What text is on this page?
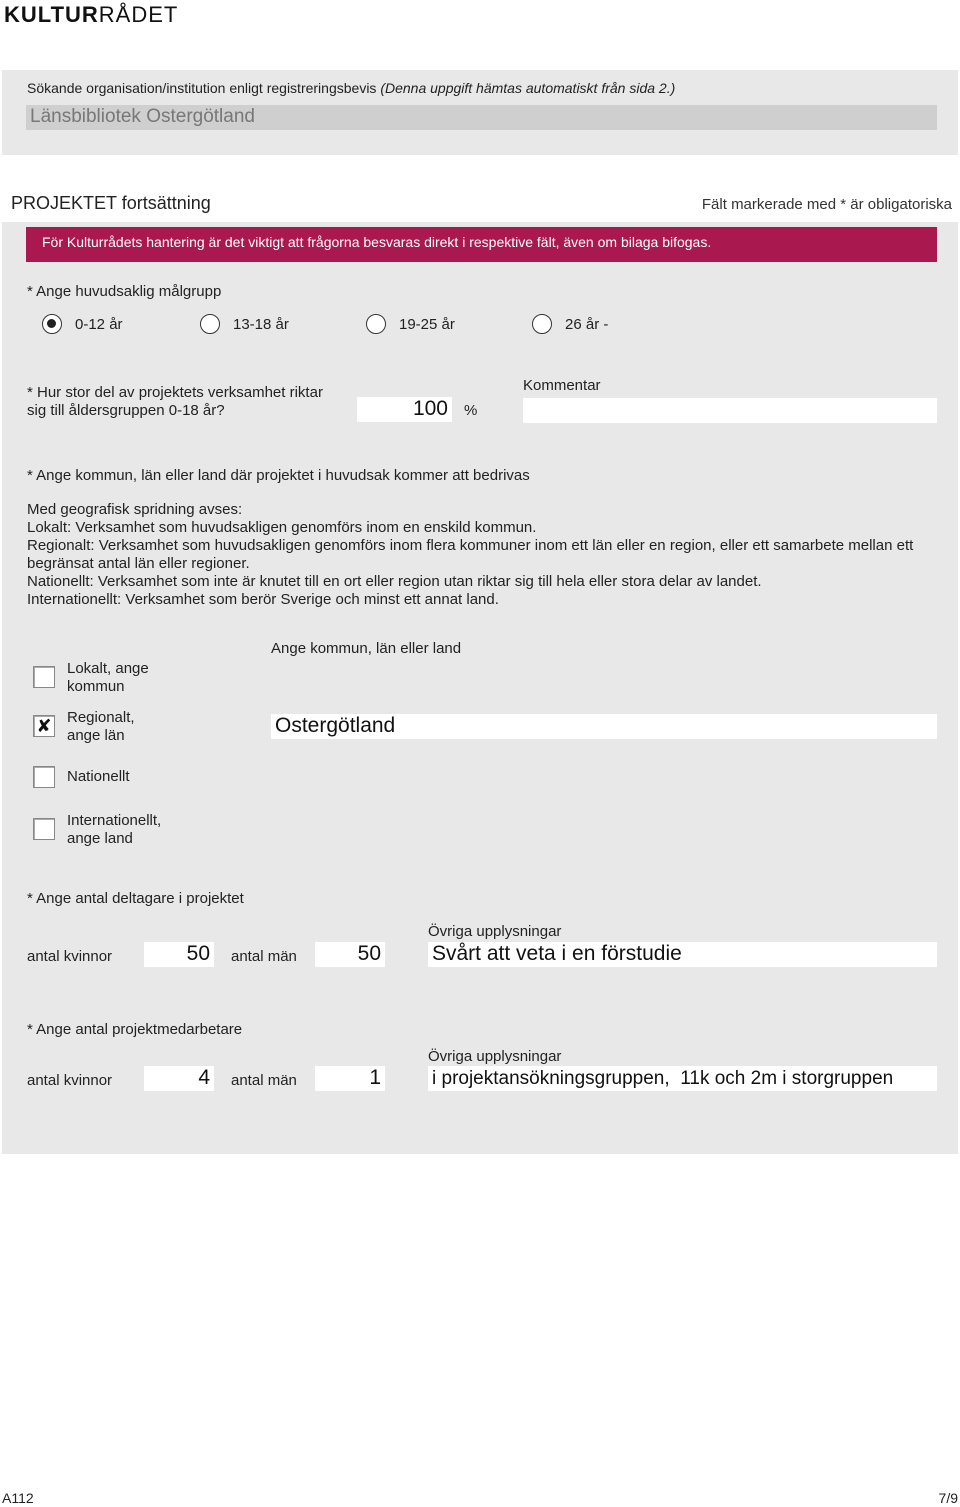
KULTURRÅDET
Sökande organisation/institution enligt registreringsbevis (Denna uppgift hämtas automatiskt från sida 2.)
Länsbibliotek Ostergötland
PROJEKTET fortsättning	Fält markerade med * är obligatoriska
För Kulturrådets hantering är det viktigt att frågorna besvaras direkt i respektive fält, även om bilaga bifogas.
* Ange huvudsaklig målgrupp
0-12 år	13-18 år	19-25 år	26 år -
* Hur stor del av projektets verksamhet riktar sig till åldersgruppen 0-18 år?	100 %
Kommentar
* Ange kommun, län eller land där projektet i huvudsak kommer att bedrivas
Med geografisk spridning avses:
Lokalt: Verksamhet som huvudsakligen genomförs inom en enskild kommun.
Regionalt: Verksamhet som huvudsakligen genomförs inom flera kommuner inom ett län eller en region, eller ett samarbete mellan ett begränsat antal län eller regioner.
Nationellt: Verksamhet som inte är knutet till en ort eller region utan riktar sig till hela eller stora delar av landet.
Internationellt: Verksamhet som berör Sverige och minst ett annat land.
Ange kommun, län eller land
Lokalt, ange
kommun
✘ Regionalt,
ange län	Ostergötland
Nationellt
Internationellt,
ange land
* Ange antal deltagare i projektet
antal kvinnor	50 antal män	50
Övriga upplysningar
Svårt att veta i en förstudie
* Ange antal projektmedarbetare
antal kvinnor	4 antal män	1
Övriga upplysningar
i projektansökningsgruppen,  11k och 2m i storgruppen
A112	7/9
